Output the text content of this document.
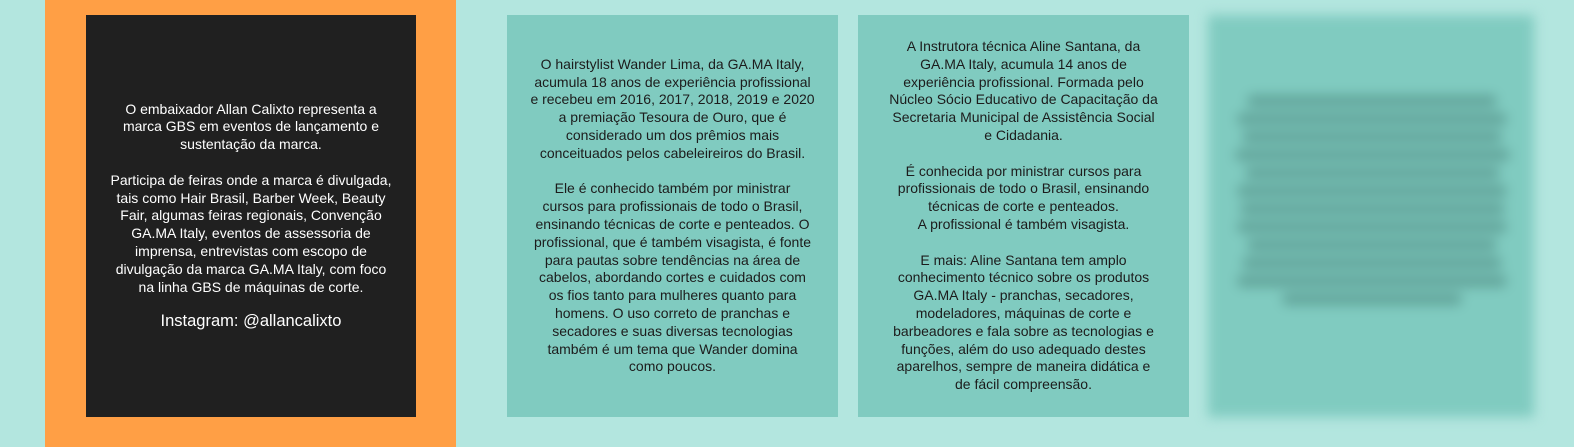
O embaixador Allan Calixto representa a

marca GBS em eventos de lançamento e

sustentação da marca.

Participa de feiras onde a marca é divulgada,

tais como Hair Brasil, Barber Week, Beauty

Fair, algumas feiras regionais, Convenção

GA.MA Italy, eventos de assessoria de

imprensa, entrevistas com escopo de

divulgação da marca GA.MA Italy, com foco

na linha GBS de máquinas de corte.

Instagram: @allancalixto

O hairstylist Wander Lima, da GA.MA Italy,

acumula 18 anos de experiência profissional

e recebeu em 2016, 2017, 2018, 2019 e 2020

a premiação Tesoura de Ouro, que é

considerado um dos prêmios mais

conceituados pelos cabeleireiros do Brasil.

Ele é conhecido também por ministrar

cursos para profissionais de todo o Brasil,

ensinando técnicas de corte e penteados. O

profissional, que é também visagista, é fonte

para pautas sobre tendências na área de

cabelos, abordando cortes e cuidados com

os fios tanto para mulheres quanto para

homens. O uso correto de pranchas e

secadores e suas diversas tecnologias

também é um tema que Wander domina

como poucos.

A Instrutora técnica Aline Santana, da

GA.MA Italy, acumula 14 anos de

experiência profissional. Formada pelo

Núcleo Sócio Educativo de Capacitação da

Secretaria Municipal de Assistência Social

e Cidadania.

É conhecida por ministrar cursos para

profissionais de todo o Brasil, ensinando

técnicas de corte e penteados.

A profissional é também visagista.

E mais: Aline Santana tem amplo

conhecimento técnico sobre os produtos

GA.MA Italy - pranchas, secadores,

modeladores, máquinas de corte e

barbeadores e fala sobre as tecnologias e

funções, além do uso adequado destes

aparelhos, sempre de maneira didática e

de fácil compreensão.
